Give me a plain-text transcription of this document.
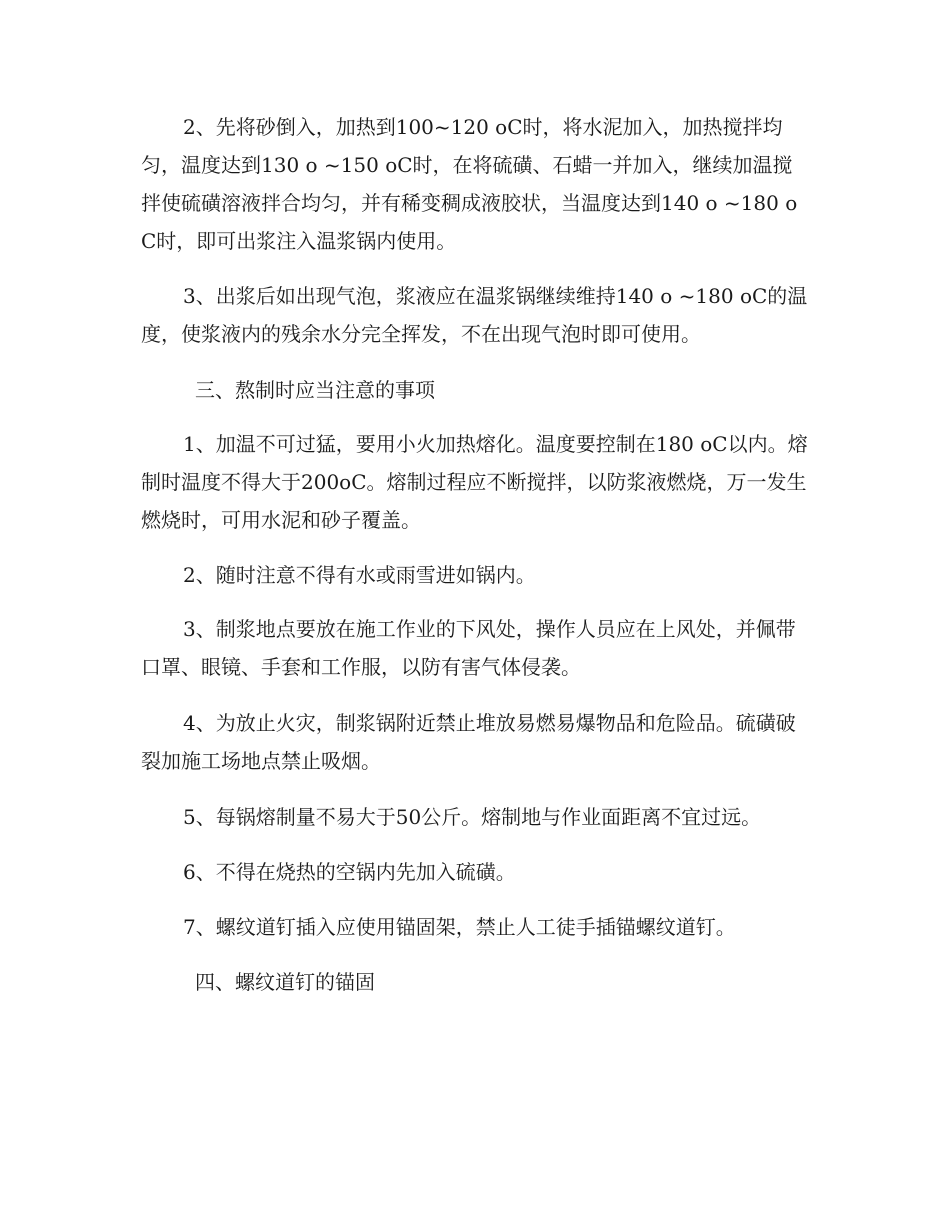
2、先将砂倒入，加热到100~120 oC时，将水泥加入，加热搅拌均匀，温度达到130 o ~150 oC时，在将硫磺、石蜡一并加入，继续加温搅拌使硫磺溶液拌合均匀，并有稀变稠成液胶状，当温度达到140 o ~180 oC时，即可出浆注入温浆锅内使用。

3、出浆后如出现气泡，浆液应在温浆锅继续维持140 o ~180 oC的温度，使浆液内的残余水分完全挥发，不在出现气泡时即可使用。

三、熬制时应当注意的事项

1、加温不可过猛，要用小火加热熔化。温度要控制在180 oC以内。熔制时温度不得大于200oC。熔制过程应不断搅拌，以防浆液燃烧，万一发生燃烧时，可用水泥和砂子覆盖。

2、随时注意不得有水或雨雪进如锅内。

3、制浆地点要放在施工作业的下风处，操作人员应在上风处，并佩带口罩、眼镜、手套和工作服，以防有害气体侵袭。

4、为放止火灾，制浆锅附近禁止堆放易燃易爆物品和危险品。硫磺破裂加施工场地点禁止吸烟。

5、每锅熔制量不易大于50公斤。熔制地与作业面距离不宜过远。

6、不得在烧热的空锅内先加入硫磺。

7、螺纹道钉插入应使用锚固架，禁止人工徒手插锚螺纹道钉。

四、螺纹道钉的锚固
